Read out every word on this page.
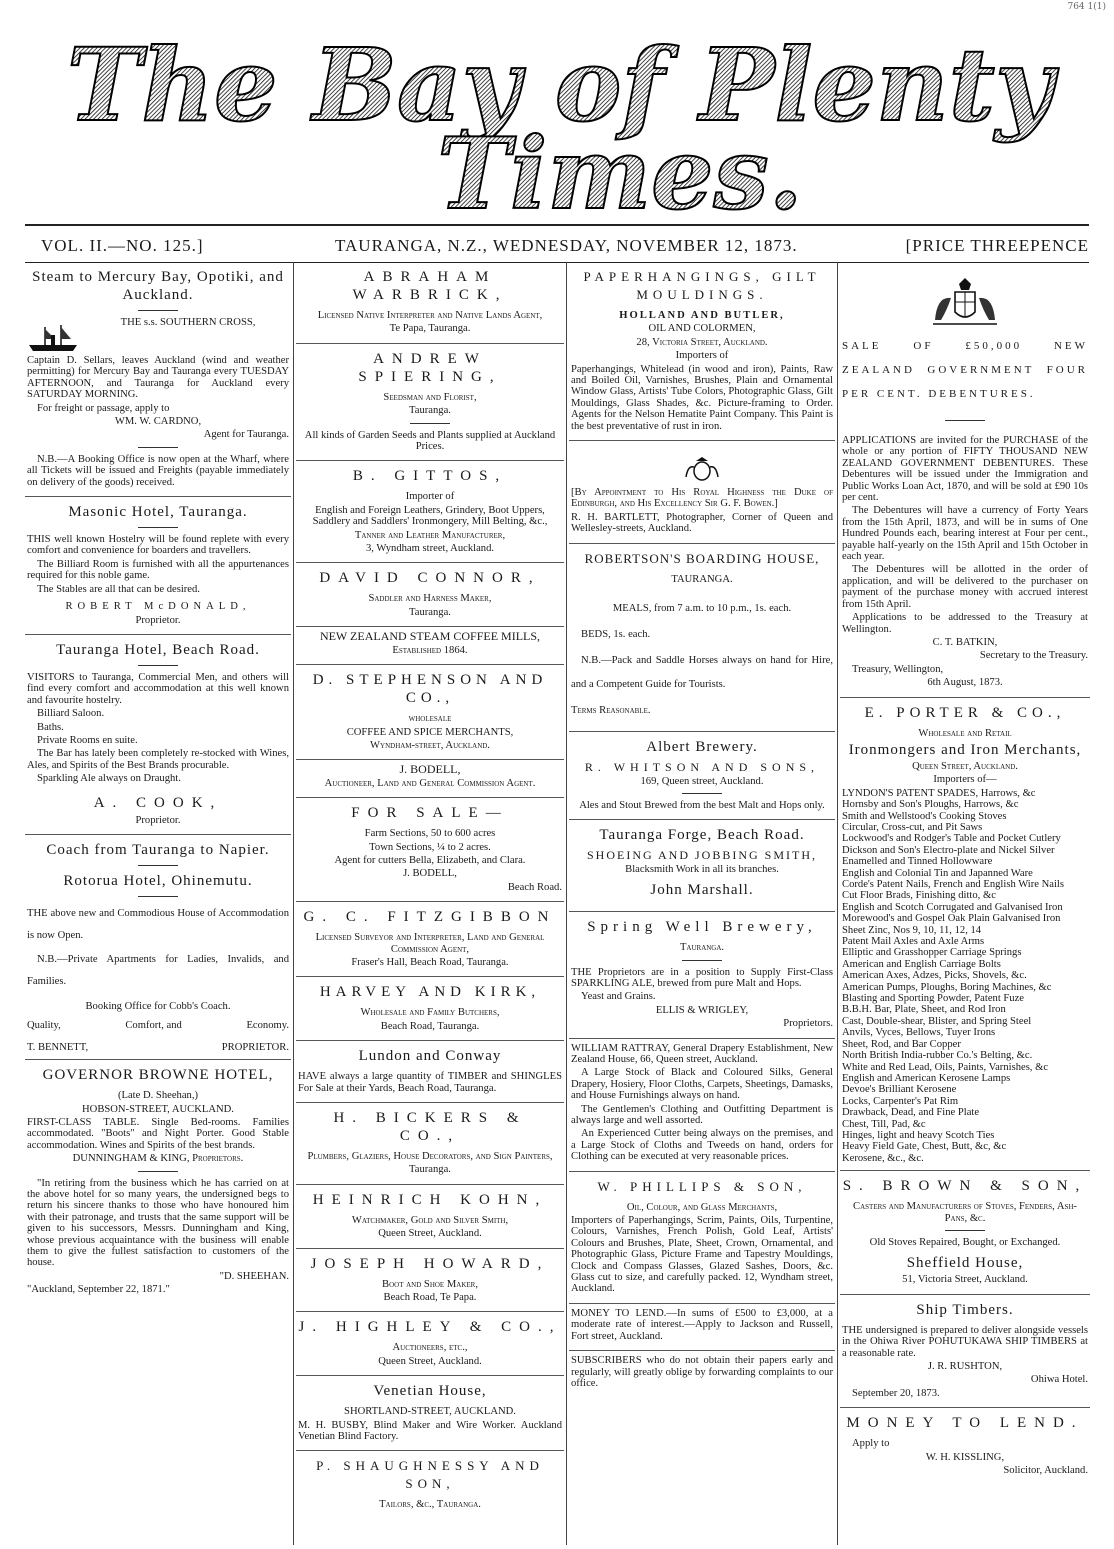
The Bay of Plenty
Times.
764 1(1)
VOL. II.—NO. 125.]	TAURANGA, N.Z., WEDNESDAY, NOVEMBER 12, 1873.	[PRICE THREEPENCE
Steam to Mercury Bay, Opotiki, and Auckland.

THE s.s. SOUTHERN CROSS,

Captain D. Sellars, leaves Auckland (wind and weather permitting) for Mercury Bay and Tauranga every TUESDAY AFTERNOON, and Tauranga for Auckland every SATURDAY MORNING.

For freight or passage, apply to

WM. W. CARDNO,

Agent for Tauranga.

N.B.—A Booking Office is now open at the Wharf, where all Tickets will be issued and Freights (payable immediately on delivery of the goods) received.

Masonic Hotel, Tauranga.

THIS well known Hostelry will be found replete with every comfort and convenience for boarders and travellers.

The Billiard Room is furnished with all the appurtenances required for this noble game.

The Stables are all that can be desired.

ROBERT McDONALD,

Proprietor.

Tauranga Hotel, Beach Road.

VISITORS to Tauranga, Commercial Men, and others will find every comfort and accommodation at this well known and favourite hostelry.

Billiard Saloon.

Baths.

Private Rooms en suite.

The Bar has lately been completely re-stocked with Wines, Ales, and Spirits of the Best Brands procurable.

Sparkling Ale always on Draught.

A. COOK,

Proprietor.

Coach from Tauranga to Napier.
Rotorua Hotel, Ohinemutu.

THE above new and Commodious House of Accommodation is now Open.

N.B.—Private Apartments for Ladies, Invalids, and Families.

Booking Office for Cobb's Coach.

Quality,	Comfort, and	Economy.
T. BENNETT,	PROPRIETOR.
GOVERNOR BROWNE HOTEL,

(Late D. Sheehan,)

HOBSON-STREET, AUCKLAND.

FIRST-CLASS TABLE. Single Bed-rooms. Families accommodated. "Boots" and Night Porter. Good Stable accommodation. Wines and Spirits of the best brands.

DUNNINGHAM & KING, Proprietors.

"In retiring from the business which he has carried on at the above hotel for so many years, the undersigned begs to return his sincere thanks to those who have honoured him with their patronage, and trusts that the same support will be given to his successors, Messrs. Dunningham and King, whose previous acquaintance with the business will enable them to give the fullest satisfaction to customers of the house.

"D. SHEEHAN.

"Auckland, September 22, 1871."

ABRAHAM WARBRICK,

Licensed Native Interpreter and Native Lands Agent,

Te Papa, Tauranga.

ANDREW SPIERING,

Seedsman and Florist,

Tauranga.

All kinds of Garden Seeds and Plants supplied at Auckland Prices.

B. GITTOS,

Importer of

English and Foreign Leathers, Grindery, Boot Uppers, Saddlery and Saddlers' Ironmongery, Mill Belting, &c.,

Tanner and Leather Manufacturer,

3, Wyndham street, Auckland.

DAVID CONNOR,

Saddler and Harness Maker,

Tauranga.

NEW ZEALAND STEAM COFFEE MILLS,

Established 1864.

D. STEPHENSON AND CO.,

wholesale

COFFEE AND SPICE MERCHANTS,

Wyndham-street, Auckland.

J. BODELL,

Auctioneer, Land and General Commission Agent.

FOR SALE—

Farm Sections, 50 to 600 acres

Town Sections, ¼ to 2 acres.

Agent for cutters Bella, Elizabeth, and Clara.

J. BODELL,

Beach Road.

G. C. FITZGIBBON

Licensed Surveyor and Interpreter, Land and General Commission Agent,

Fraser's Hall, Beach Road, Tauranga.

HARVEY AND KIRK,

Wholesale and Family Butchers,

Beach Road, Tauranga.

Lundon and Conway

HAVE always a large quantity of TIMBER and SHINGLES For Sale at their Yards, Beach Road, Tauranga.

H. BICKERS & CO.,

Plumbers, Glaziers, House Decorators, and Sign Painters,

Tauranga.

HEINRICH KOHN,

Watchmaker, Gold and Silver Smith,

Queen Street, Auckland.

JOSEPH HOWARD,

Boot and Shoe Maker,

Beach Road, Te Papa.

J. HIGHLEY & CO.,

Auctioneers, etc.,

Queen Street, Auckland.

Venetian House,

SHORTLAND-STREET, AUCKLAND.

M. H. BUSBY, Blind Maker and Wire Worker. Auckland Venetian Blind Factory.

P. SHAUGHNESSY AND SON,

Tailors, &c., Tauranga.

PAPERHANGINGS, GILT MOULDINGS.

HOLLAND AND BUTLER,

OIL AND COLORMEN,

28, Victoria Street, Auckland.

Importers of

Paperhangings, Whitelead (in wood and iron), Paints, Raw and Boiled Oil, Varnishes, Brushes, Plain and Ornamental Window Glass, Artists' Tube Colors, Photographic Glass, Gilt Mouldings, Glass Shades, &c. Picture-framing to Order. Agents for the Nelson Hematite Paint Company. This Paint is the best preventative of rust in iron.

[By Appointment to His Royal Highness the Duke of Edinburgh, and His Excellency Sir G. F. Bowen.]

R. H. BARTLETT, Photographer, Corner of Queen and Wellesley-streets, Auckland.

ROBERTSON'S BOARDING HOUSE,

TAURANGA.

MEALS, from 7 a.m. to 10 p.m., 1s. each.

BEDS, 1s. each.

N.B.—Pack and Saddle Horses always on hand for Hire, and a Competent Guide for Tourists.

Terms Reasonable.

Albert Brewery.

R. WHITSON AND SONS,

169, Queen street, Auckland.

Ales and Stout Brewed from the best Malt and Hops only.

Tauranga Forge, Beach Road.

SHOEING AND JOBBING SMITH,

Blacksmith Work in all its branches.

John Marshall.
Spring Well Brewery,

Tauranga.

THE Proprietors are in a position to Supply First-Class SPARKLING ALE, brewed from pure Malt and Hops.

Yeast and Grains.

ELLIS & WRIGLEY,

Proprietors.

WILLIAM RATTRAY, General Drapery Establishment, New Zealand House, 66, Queen street, Auckland.

A Large Stock of Black and Coloured Silks, General Drapery, Hosiery, Floor Cloths, Carpets, Sheetings, Damasks, and House Furnishings always on hand.

The Gentlemen's Clothing and Outfitting Department is always large and well assorted.

An Experienced Cutter being always on the premises, and a Large Stock of Cloths and Tweeds on hand, orders for Clothing can be executed at very reasonable prices.

W. PHILLIPS & SON,

Oil, Colour, and Glass Merchants,

Importers of Paperhangings, Scrim, Paints, Oils, Turpentine, Colours, Varnishes, French Polish, Gold Leaf, Artists' Colours and Brushes, Plate, Sheet, Crown, Ornamental, and Photographic Glass, Picture Frame and Tapestry Mouldings, Clock and Compass Glasses, Glazed Sashes, Doors, &c. Glass cut to size, and carefully packed. 12, Wyndham street, Auckland.

MONEY TO LEND.—In sums of £500 to £3,000, at a moderate rate of interest.—Apply to Jackson and Russell, Fort street, Auckland.

SUBSCRIBERS who do not obtain their papers early and regularly, will greatly oblige by forwarding complaints to our office.

SALE OF £50,000 NEW ZEALAND GOVERNMENT FOUR PER CENT. DEBENTURES.

APPLICATIONS are invited for the PURCHASE of the whole or any portion of FIFTY THOUSAND NEW ZEALAND GOVERNMENT DEBENTURES. These Debentures will be issued under the Immigration and Public Works Loan Act, 1870, and will be sold at £90 10s per cent.

The Debentures will have a currency of Forty Years from the 15th April, 1873, and will be in sums of One Hundred Pounds each, bearing interest at Four per cent., payable half-yearly on the 15th April and 15th October in each year.

The Debentures will be allotted in the order of application, and will be delivered to the purchaser on payment of the purchase money with accrued interest from 15th April.

Applications to be addressed to the Treasury at Wellington.

C. T. BATKIN,

Secretary to the Treasury.

Treasury, Wellington,

6th August, 1873.

E. PORTER & CO.,

Wholesale and Retail

Ironmongers and Iron Merchants,

Queen Street, Auckland.

Importers of—

LYNDON'S PATENT SPADES, Harrows, &c

Hornsby and Son's Ploughs, Harrows, &c

Smith and Wellstood's Cooking Stoves

Circular, Cross-cut, and Pit Saws

Lockwood's and Rodger's Table and Pocket Cutlery

Dickson and Son's Electro-plate and Nickel Silver

Enamelled and Tinned Hollowware

English and Colonial Tin and Japanned Ware

Corde's Patent Nails, French and English Wire Nails

Cut Floor Brads, Finishing ditto, &c

English and Scotch Corrugated and Galvanised Iron

Morewood's and Gospel Oak Plain Galvanised Iron

Sheet Zinc, Nos 9, 10, 11, 12, 14

Patent Mail Axles and Axle Arms

Elliptic and Grasshopper Carriage Springs

American and English Carriage Bolts

American Axes, Adzes, Picks, Shovels, &c.

American Pumps, Ploughs, Boring Machines, &c

Blasting and Sporting Powder, Patent Fuze

B.B.H. Bar, Plate, Sheet, and Rod Iron

Cast, Double-shear, Blister, and Spring Steel

Anvils, Vyces, Bellows, Tuyer Irons

Sheet, Rod, and Bar Copper

North British India-rubber Co.'s Belting, &c.

White and Red Lead, Oils, Paints, Varnishes, &c

English and American Kerosene Lamps

Devoe's Brilliant Kerosene

Locks, Carpenter's Pat Rim

Drawback, Dead, and Fine Plate

Chest, Till, Pad, &c

Hinges, light and heavy Scotch Ties

Heavy Field Gate, Chest, Butt, &c, &c

Kerosene, &c., &c.

S. BROWN & SON,

Casters and Manufacturers of Stoves, Fenders, Ash-Pans, &c.

Old Stoves Repaired, Bought, or Exchanged.

Sheffield House,

51, Victoria Street, Auckland.

Ship Timbers.

THE undersigned is prepared to deliver alongside vessels in the Ohiwa River POHUTUKAWA SHIP TIMBERS at a reasonable rate.

J. R. RUSHTON,

Ohiwa Hotel.

September 20, 1873.

MONEY TO LEND.

Apply to

W. H. KISSLING,

Solicitor, Auckland.
